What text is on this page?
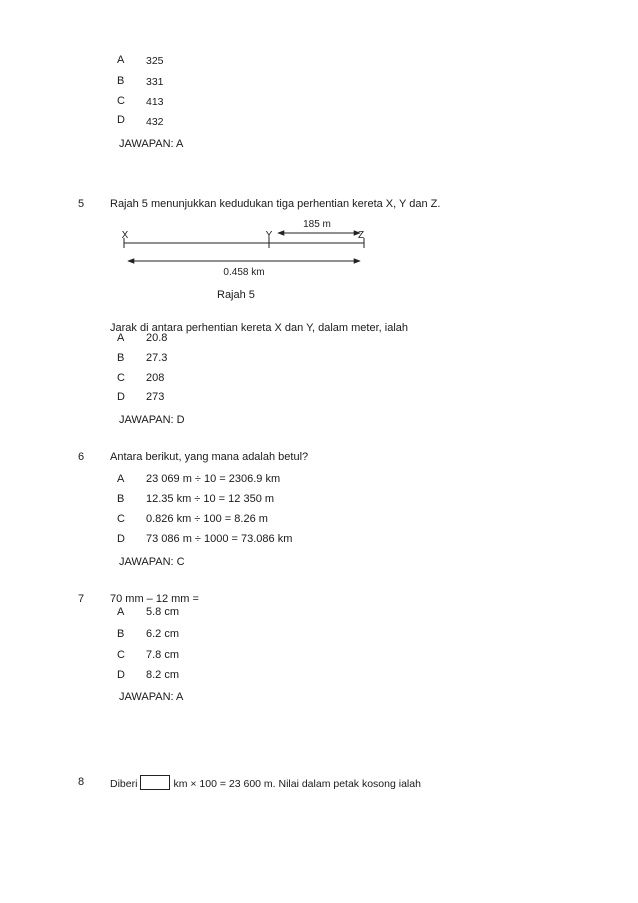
A 325
B 331
C 413
D 432
JAWAPAN: A
5 Rajah 5 menunjukkan kedudukan tiga perhentian kereta X, Y dan Z.
X	Y	Z
185 m
0.458 km
Rajah 5
Jarak di antara perhentian kereta X dan Y, dalam meter, ialah
A 20.8
B 27.3
C 208
D 273
JAWAPAN: D
6 Antara berikut, yang mana adalah betul?
A 23 069 m ÷ 10 = 2306.9 km
B 12.35 km ÷ 10 = 12 350 m
C 0.826 km ÷ 100 = 8.26 m
D 73 086 m ÷ 1000 = 73.086 km
JAWAPAN: C
7 70 mm – 12 mm =
A 5.8 cm
B 6.2 cm
C 7.8 cm
D 8.2 cm
JAWAPAN: A
8 Diberi	km × 100 = 23 600 m. Nilai dalam petak kosong ialah
